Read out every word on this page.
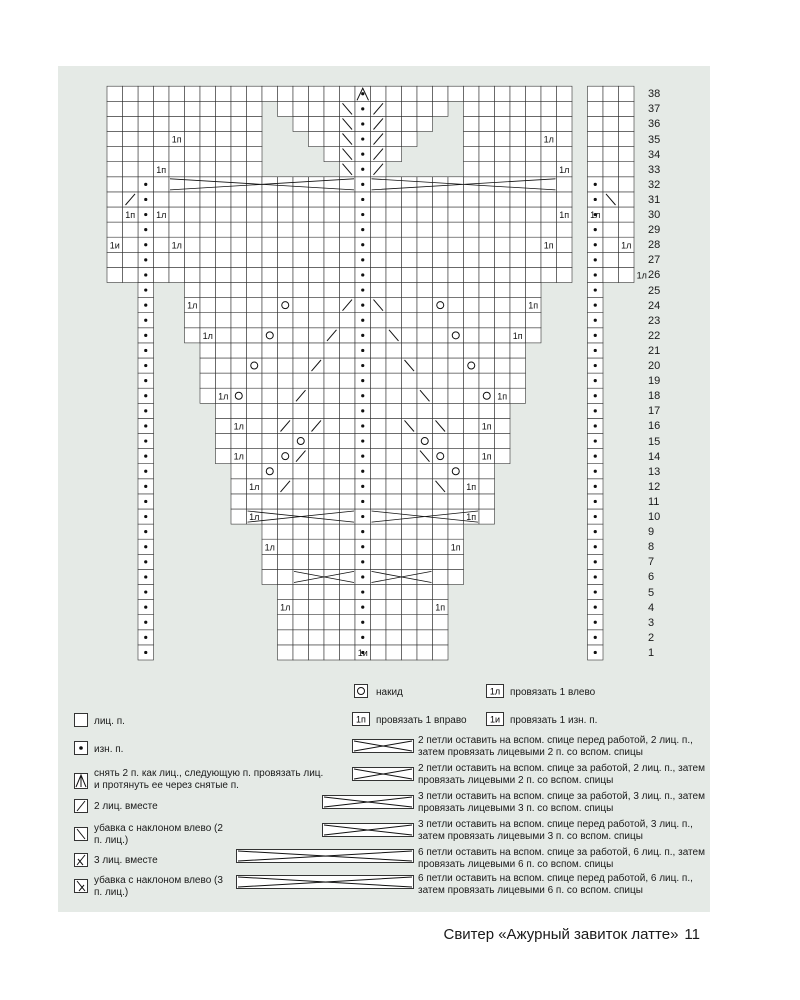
1п
1п
1п 1л
1л
1л
1л
1л
1л
1л
1л
1л
1л
1л
1л
1л
1п 1л
1п	1л
1л
1п
1п
1п
1п
1п
1п
1п
1п
1п
1и
1и	1
2
3
4
5
6
7
8
9
10
11
12
13
14
15
16
17
18
19
20
21
22
23
24
25
26
27
28
29
30
31
32
33
34
35
36
37
38
лиц. п.
изн. п.
снять 2 п. как лиц., следующую п. провязать лиц. и протянуть ее через снятые п.
2 лиц. вместе
убавка с наклоном влево (2 п. лиц.)
3 лиц. вместе
убавка с наклоном влево (3 п. лиц.)
накид
1п провязать 1 вправо
1л провязать 1 влево
1и провязать 1 изн. п.
2 петли оставить на вспом. спице перед работой, 2 лиц. п., затем провязать лицевыми 2 п. со вспом. спицы
2 петли оставить на вспом. спице за работой, 2 лиц. п., затем провязать лицевыми 2 п. со вспом. спицы
3 петли оставить на вспом. спице за работой, 3 лиц. п., затем провязать лицевыми 3 п. со вспом. спицы
3 петли оставить на вспом. спице перед работой, 3 лиц. п., затем провязать лицевыми 3 п. со вспом. спицы
6 петли оставить на вспом. спице за работой, 6 лиц. п., затем провязать лицевыми 6 п. со вспом. спицы
6 петли оставить на вспом. спице перед работой, 6 лиц. п., затем провязать лицевыми 6 п. со вспом. спицы
Свитер «Ажурный завиток латте» 11
